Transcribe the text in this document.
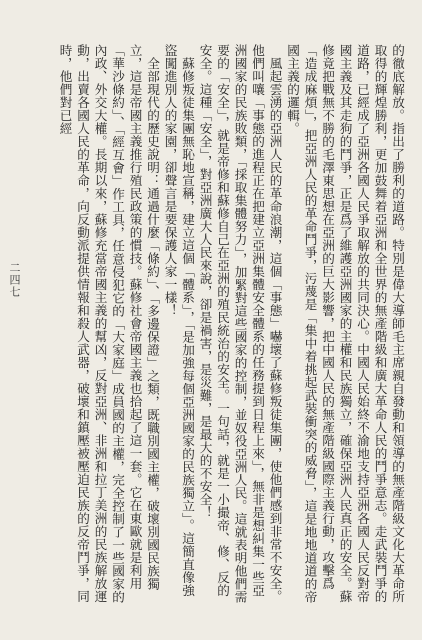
的徹底解放。指出了勝利的道路。特別是偉大導師毛主席親自發動和領導的無產階級文化大革命所取得的輝煌勝利，更加鼓舞着亞洲和全世界的無產階級和廣大革命人民的鬥爭意志。走武裝鬥爭的道路，已經成了亞洲各國人民爭取解放的共同決心。中國人民始終不渝地支持亞洲各國人民反對帝國主義及其走狗的鬥爭，正是爲了維護亞洲國家的主權和民族獨立，確保亞洲人民真正的安全。蘇修竟把戰無不勝的毛澤東思想在亞洲的巨大影響，把中國人民的無產階級國際主義行動，攻擊爲「造成麻煩」，把亞洲人民的革命鬥爭，污蔑是「集中着挑起武裝衝突的威脅」，這是地地道道的帝國主義的邏輯。

風起雲湧的亞洲人民的革命浪潮，這個「事態」嚇壞了蘇修叛徒集團，使他們感到非常不安全。他們叫嚷「事態的進程正在把建立亞洲集體安全體系的任務提到日程上來」，無非是想糾集一些亞洲國家的民族敗類，「採取集體努力」，加緊對這些國家的控制，並奴役亞洲人民。這就表明他們需要的「安全」，就是帝修和蘇修自己在亞洲的殖民統治的安全。一句話，就是一小撮帝、修、反的安全。這種「安全」，對亞洲廣大人民來說，卻是禍害，是災難，是最大的不安全！

蘇修叛徒集團無恥地宣稱，建立這個「體系」，「是加強每個亞洲國家的民族獨立」。這簡直像強盜闖進別人的家園，卻聲言是要保護人家一樣！

全部現代的歷史說明：通過什麼「條約」、「多邊保證」之類，既職別國主權，破壞別國民族獨立，這是帝國主義推行殖民政策的慣技。蘇修社會帝國主義也拾起了這一套。它在東歐就是利用「華沙條約」、「經互會」作工具，任意侵犯它的「大家庭」成員國的主權，完全控制了一些國家的內政、外交大權。長期以來，蘇修充當帝國主義的幫凶，反對亞洲、非洲和拉丁美洲的民族解放運動，出賣各國人民的革命，向反動派提供情報和殺人武器，破壞和鎮壓被壓迫民族的反帝鬥爭，同時，他們對已經

二四七
